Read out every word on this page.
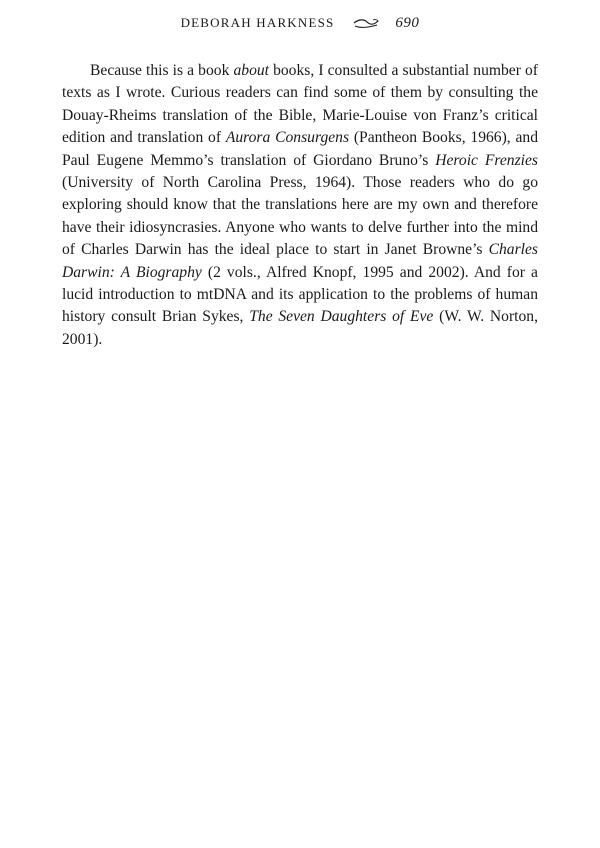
DEBORAH HARKNESS	690

Because this is a book about books, I consulted a substantial number of texts as I wrote. Curious readers can find some of them by consulting the Douay-Rheims translation of the Bible, Marie-Louise von Franz’s critical edition and translation of Aurora Consurgens (Pantheon Books, 1966), and Paul Eugene Memmo’s translation of Giordano Bruno’s Heroic Frenzies (University of North Carolina Press, 1964). Those readers who do go exploring should know that the translations here are my own and therefore have their idiosyncrasies. Anyone who wants to delve further into the mind of Charles Darwin has the ideal place to start in Janet Browne’s Charles Darwin: A Biography (2 vols., Alfred Knopf, 1995 and 2002). And for a lucid introduction to mtDNA and its application to the problems of human history consult Brian Sykes, The Seven Daughters of Eve (W. W. Norton, 2001).
